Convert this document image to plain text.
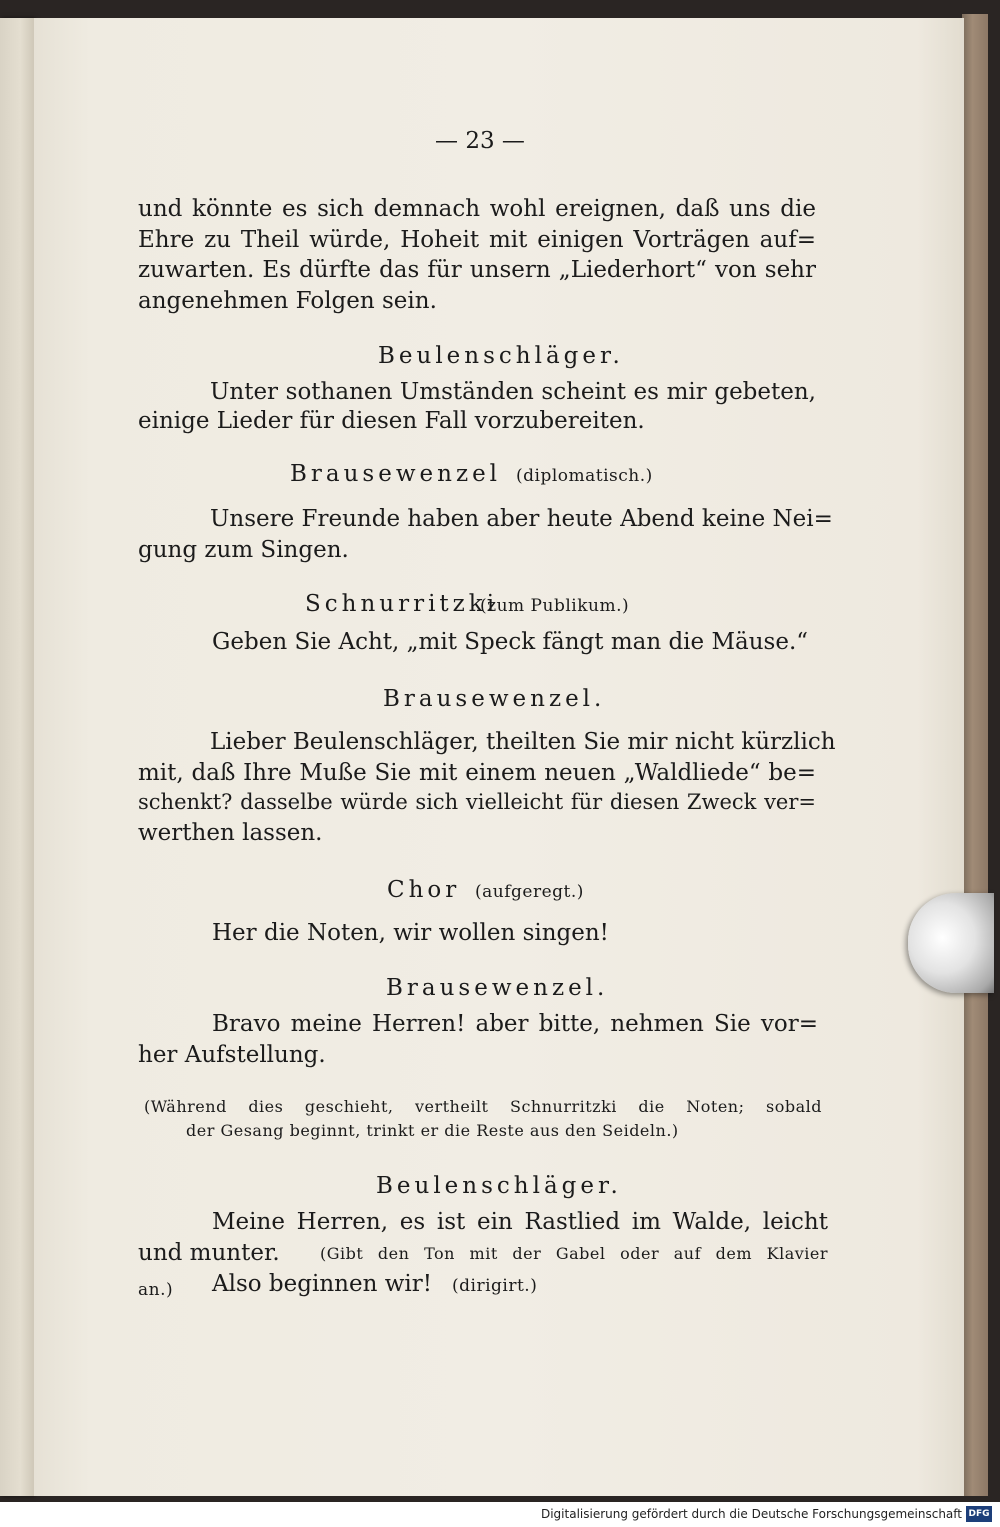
— 23 —
und könnte es sich demnach wohl ereignen, daß uns die
Ehre zu Theil würde, Hoheit mit einigen Vorträgen auf=
zuwarten. Es dürfte das für unsern „Liederhort“ von sehr
angenehmen Folgen sein.
Beulenschläger.
Unter sothanen Umständen scheint es mir gebeten,
einige Lieder für diesen Fall vorzubereiten.
Brausewenzel (diplomatisch.)
Unsere Freunde haben aber heute Abend keine Nei=
gung zum Singen.
Schnurritzki
(zum Publikum.)
Geben Sie Acht, „mit Speck fängt man die Mäuse.“
Brausewenzel.
Lieber Beulenschläger, theilten Sie mir nicht kürzlich
mit, daß Ihre Muße Sie mit einem neuen „Waldliede“ be=
schenkt? dasselbe würde sich vielleicht für diesen Zweck ver=
werthen lassen.
Chor (aufgeregt.)
Her die Noten, wir wollen singen!
Brausewenzel.
Bravo meine Herren! aber bitte, nehmen Sie vor=
her Aufstellung.
(Während dies geschieht, vertheilt Schnurritzki die Noten; sobald
der Gesang beginnt, trinkt er die Reste aus den Seideln.)
Beulenschläger.
Meine Herren, es ist ein Rastlied im Walde, leicht
und munter.	(Gibt den Ton mit der Gabel oder auf dem Klavier
an.) Also beginnen wir! (dirigirt.)
Digitalisierung gefördert durch die Deutsche Forschungsgemeinschaft DFG
